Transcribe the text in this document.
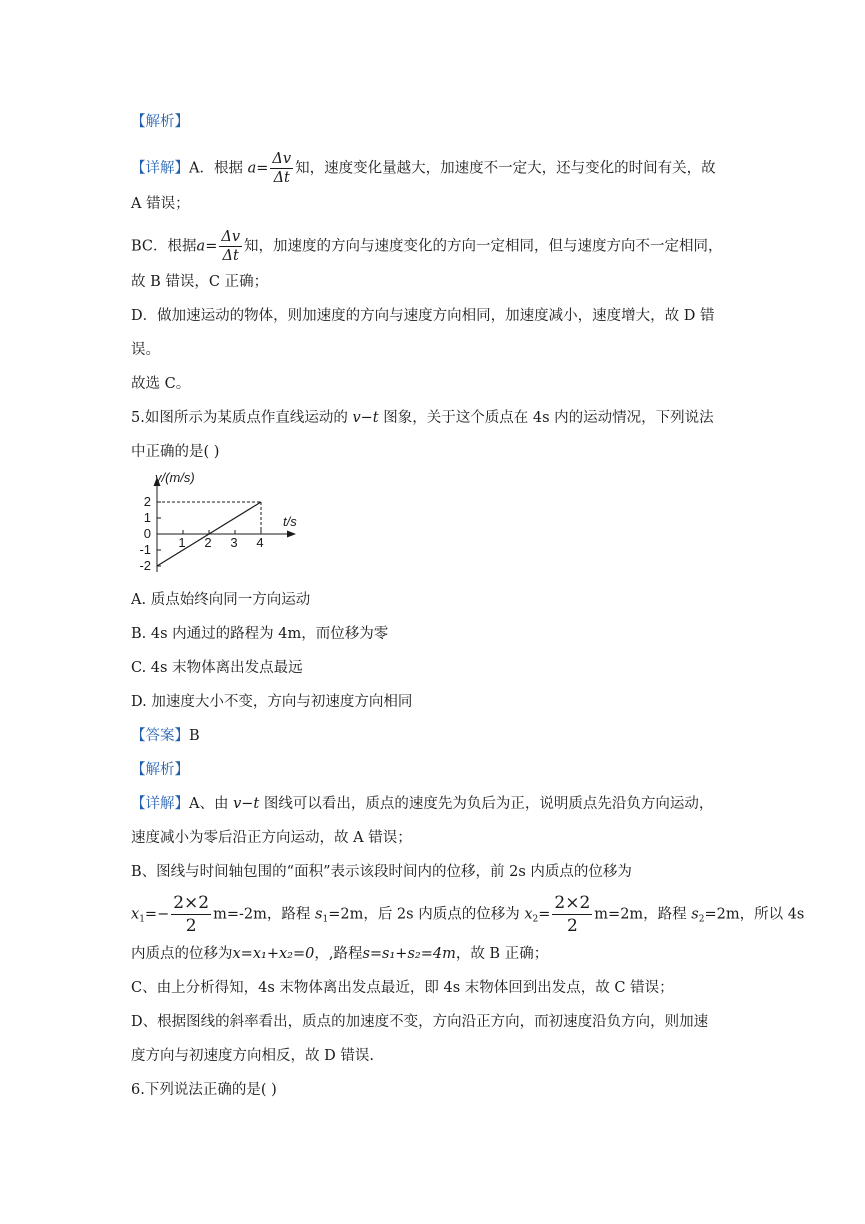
【解析】
【详解】A．根据 $a= \frac{\Delta v}{\Delta t}$ 知，速度变化量越大，加速度不一定大，还与变化的时间有关，故
A 错误；
BC．根据$a= \frac{\Delta v}{\Delta t}$ 知，加速度的方向与速度变化的方向一定相同，但与速度方向不一定相同，
故 B 错误，C 正确；
D．做加速运动的物体，则加速度的方向与速度方向相同，加速度减小，速度增大，故 D 错
误。
故选 C。
5.如图所示为某质点作直线运动的 v−t 图象，关于这个质点在 4s 内的运动情况，下列说法
中正确的是( )
v/(m/s)
t/s
2
1
0
-1
-2
1 2 3 4
A. 质点始终向同一方向运动
B. 4s 内通过的路程为 4m，而位移为零
C. 4s 末物体离出发点最远
D. 加速度大小不变，方向与初速度方向相同
【答案】B
【解析】
【详解】A、由 v−t 图线可以看出，质点的速度先为负后为正，说明质点先沿负方向运动，
速度减小为零后沿正方向运动，故 A 错误；
B、图线与时间轴包围的“面积”表示该段时间内的位移，前 2s 内质点的位移为
$x_1=- \frac{2\times 2}{2} m=-2m$，路程 $s_1=2m$，后 2s 内质点的位移为 $x_2= \frac{2\times 2}{2} m=2m$，路程 $s_2=2m$，所以 4s
内质点的位移为x=x₁+x₂=0，,路程s=s₁+s₂=4m，故 B 正确；
C、由上分析得知，4s 末物体离出发点最近，即 4s 末物体回到出发点，故 C 错误；
D、根据图线的斜率看出，质点的加速度不变，方向沿正方向，而初速度沿负方向，则加速
度方向与初速度方向相反，故 D 错误.
6.下列说法正确的是( )
